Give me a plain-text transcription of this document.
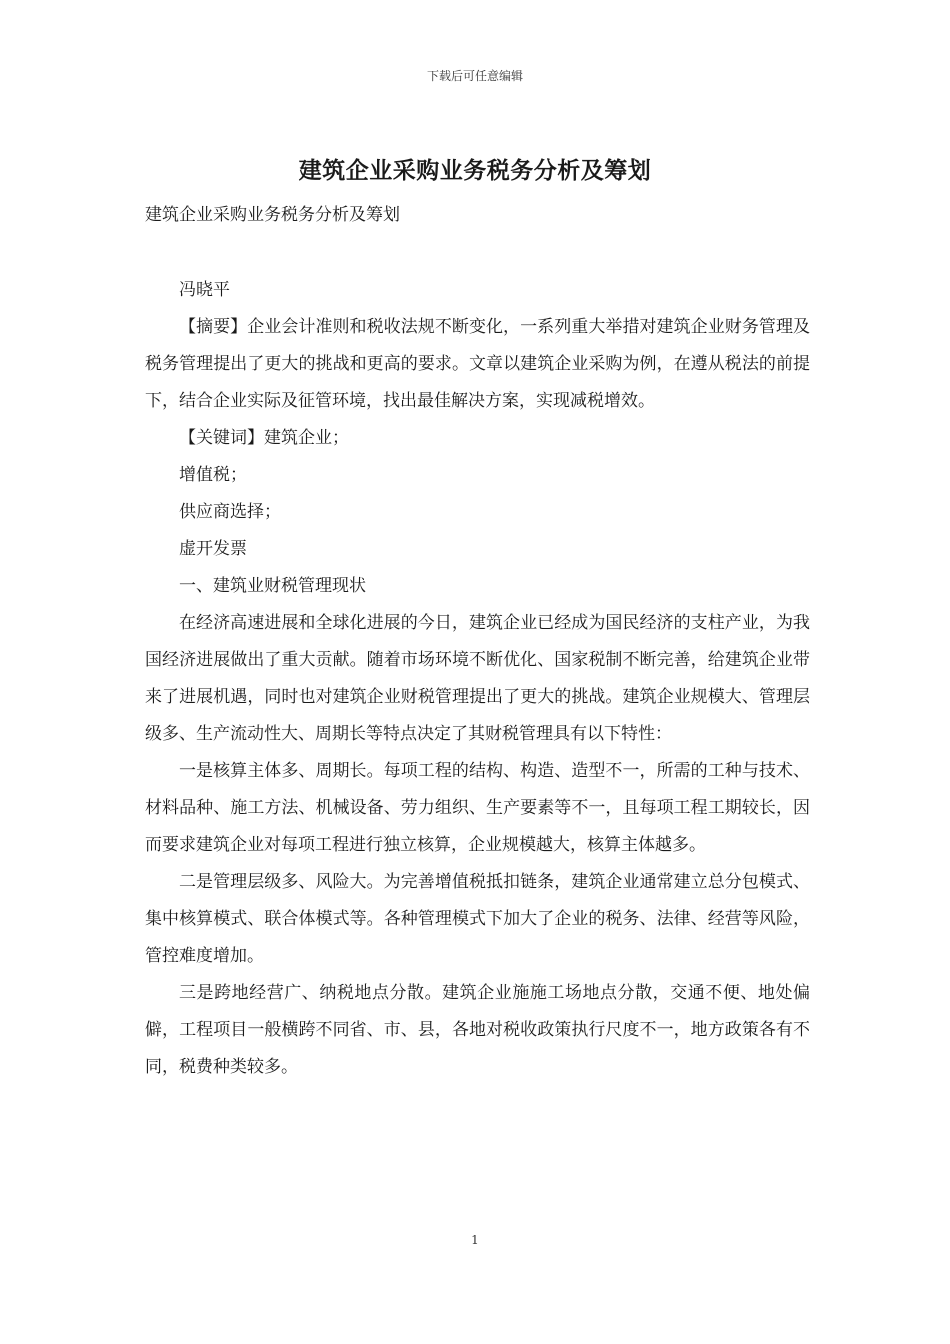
下载后可任意编辑
建筑企业采购业务税务分析及筹划
建筑企业采购业务税务分析及筹划

冯晓平

【摘要】企业会计准则和税收法规不断变化，一系列重大举措对建筑企业财务管理及税务管理提出了更大的挑战和更高的要求。文章以建筑企业采购为例，在遵从税法的前提下，结合企业实际及征管环境，找出最佳解决方案，实现减税增效。

【关键词】建筑企业；

增值税；

供应商选择；

虚开发票

一、建筑业财税管理现状

在经济高速进展和全球化进展的今日，建筑企业已经成为国民经济的支柱产业，为我国经济进展做出了重大贡献。随着市场环境不断优化、国家税制不断完善，给建筑企业带来了进展机遇，同时也对建筑企业财税管理提出了更大的挑战。建筑企业规模大、管理层级多、生产流动性大、周期长等特点决定了其财税管理具有以下特性：

一是核算主体多、周期长。每项工程的结构、构造、造型不一，所需的工种与技术、材料品种、施工方法、机械设备、劳力组织、生产要素等不一，且每项工程工期较长，因而要求建筑企业对每项工程进行独立核算，企业规模越大，核算主体越多。

二是管理层级多、风险大。为完善增值税抵扣链条，建筑企业通常建立总分包模式、集中核算模式、联合体模式等。各种管理模式下加大了企业的税务、法律、经营等风险，管控难度增加。

三是跨地经营广、纳税地点分散。建筑企业施施工场地点分散，交通不便、地处偏僻，工程项目一般横跨不同省、市、县，各地对税收政策执行尺度不一，地方政策各有不同，税费种类较多。

1
